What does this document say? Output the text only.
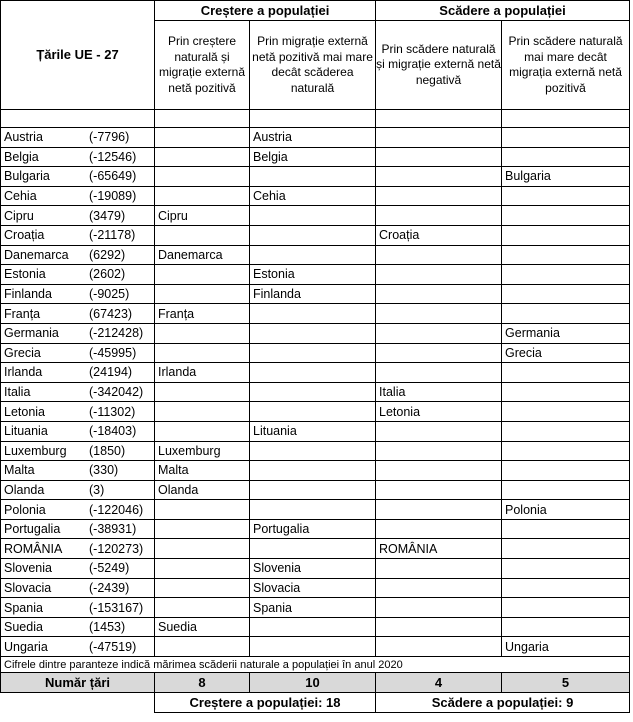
Țările UE - 27	Creștere a populației		Scădere a populației	
	Prin creștere naturală și migrație externă netă pozitivă	Prin migrație externă netă pozitivă mai mare decât scăderea naturală	Prin scădere naturală și migrație externă netă negativă	Prin scădere naturală mai mare decât migrația externă netă pozitivă

Austria (-7796)		Austria		
Belgia (-12546)		Belgia		
Bulgaria (-65649)				Bulgaria
Cehia (-19089)		Cehia		
Cipru (3479)	Cipru			
Croația (-21178)			Croația	
Danemarca (6292)	Danemarca			
Estonia (2602)		Estonia		
Finlanda (-9025)		Finlanda		
Franța (67423)	Franța			
Germania (-212428)				Germania
Grecia (-45995)				Grecia
Irlanda (24194)	Irlanda			
Italia (-342042)			Italia	
Letonia (-11302)			Letonia	
Lituania (-18403)		Lituania		
Luxemburg (1850)	Luxemburg			
Malta (330)	Malta			
Olanda (3)	Olanda			
Polonia (-122046)				Polonia
Portugalia (-38931)		Portugalia		
ROMÂNIA (-120273)			ROMÂNIA	
Slovenia (-5249)		Slovenia		
Slovacia (-2439)		Slovacia		
Spania (-153167)		Spania		
Suedia (1453)	Suedia			
Ungaria (-47519)				Ungaria
Cifrele dintre paranteze indică mărimea scăderii naturale a populației în anul 2020				
Număr țări	8	10	4	5
	Creștere a populației: 18		Scădere a populației: 9	
